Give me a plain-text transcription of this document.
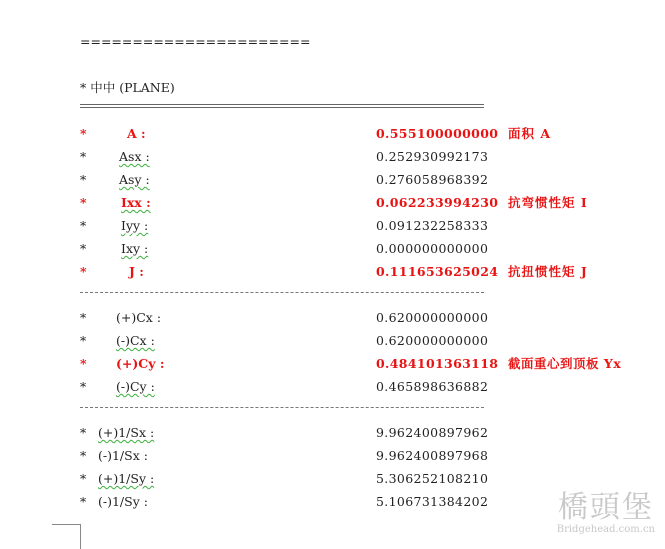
======================
* 中中 (PLANE)
*	A :	0.555100000000 面积 A
*	Asx :	0.252930992173
*	Asy :	0.276058968392
*	Ixx :	0.062233994230 抗弯惯性矩 I
*	Iyy :	0.091232258333
*	Ixy :	0.000000000000
*	J :	0.111653625024 抗扭惯性矩 J
* (+)Cx :	0.620000000000
* (-)Cx :	0.620000000000
* (+)Cy :	0.484101363118 截面重心到顶板 Yx
* (-)Cy :	0.465898636882
* (+)1/Sx :	9.962400897962
* (-)1/Sx :	9.962400897968
* (+)1/Sy :	5.306252108210
* (-)1/Sy :	5.106731384202 橋頭堡
Bridgehead.com.cn
